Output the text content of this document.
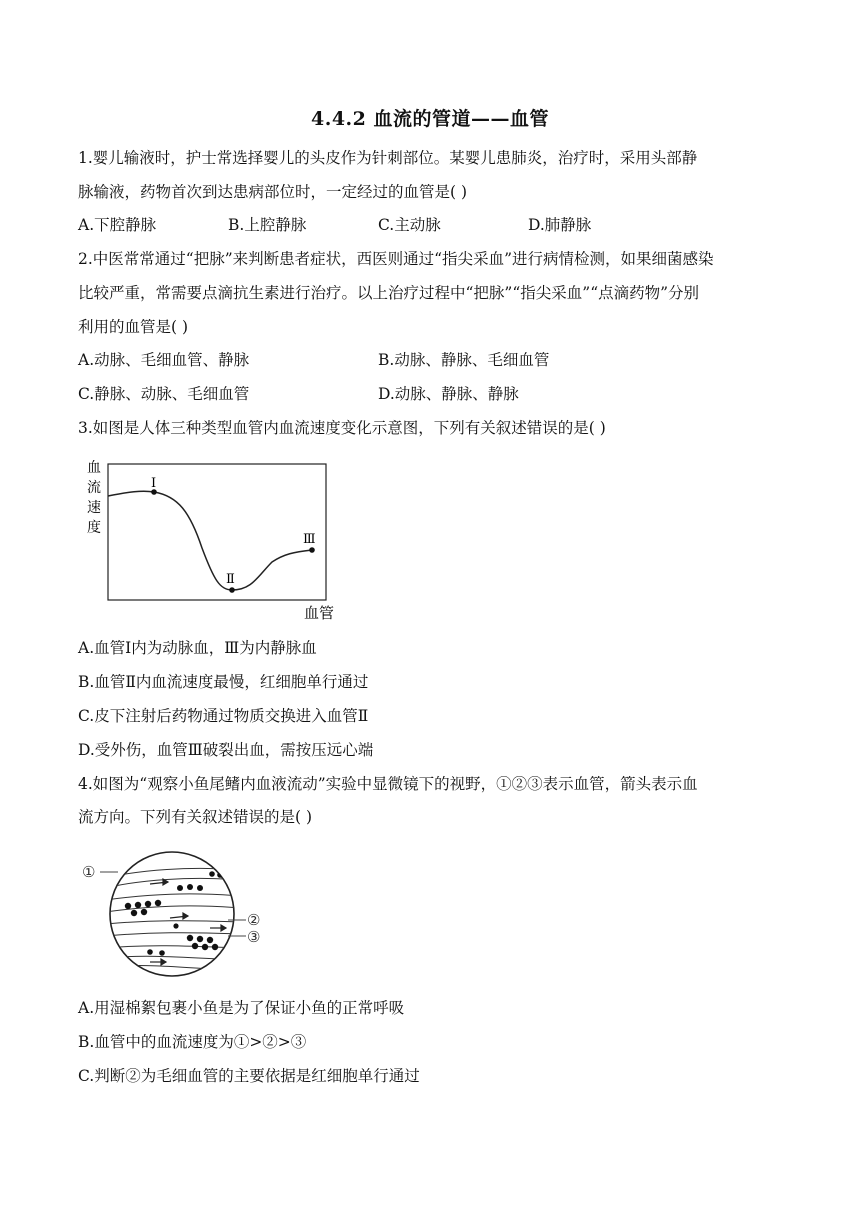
4.4.2 血流的管道——血管
1.婴儿输液时，护士常选择婴儿的头皮作为针刺部位。某婴儿患肺炎，治疗时，采用头部静
脉输液，药物首次到达患病部位时，一定经过的血管是( )
A.下腔静脉	B.上腔静脉	C.主动脉	D.肺静脉
2.中医常常通过“把脉”来判断患者症状，西医则通过“指尖采血”进行病情检测，如果细菌感染
比较严重，常需要点滴抗生素进行治疗。以上治疗过程中“把脉”“指尖采血”“点滴药物”分别
利用的血管是( )
A.动脉、毛细血管、静脉	B.动脉、静脉、毛细血管
C.静脉、动脉、毛细血管	D.动脉、静脉、静脉
3.如图是人体三种类型血管内血流速度变化示意图，下列有关叙述错误的是( )
Ⅰ
Ⅱ
Ⅲ
血
流
速
度
血管
A.血管Ⅰ内为动脉血，Ⅲ为内静脉血
B.血管Ⅱ内血流速度最慢，红细胞单行通过
C.皮下注射后药物通过物质交换进入血管Ⅱ
D.受外伤，血管Ⅲ破裂出血，需按压远心端
4.如图为“观察小鱼尾鳍内血液流动”实验中显微镜下的视野，①②③表示血管，箭头表示血
流方向。下列有关叙述错误的是( )
①
②
③
A.用湿棉絮包裹小鱼是为了保证小鱼的正常呼吸
B.血管中的血流速度为①>②>③
C.判断②为毛细血管的主要依据是红细胞单行通过
